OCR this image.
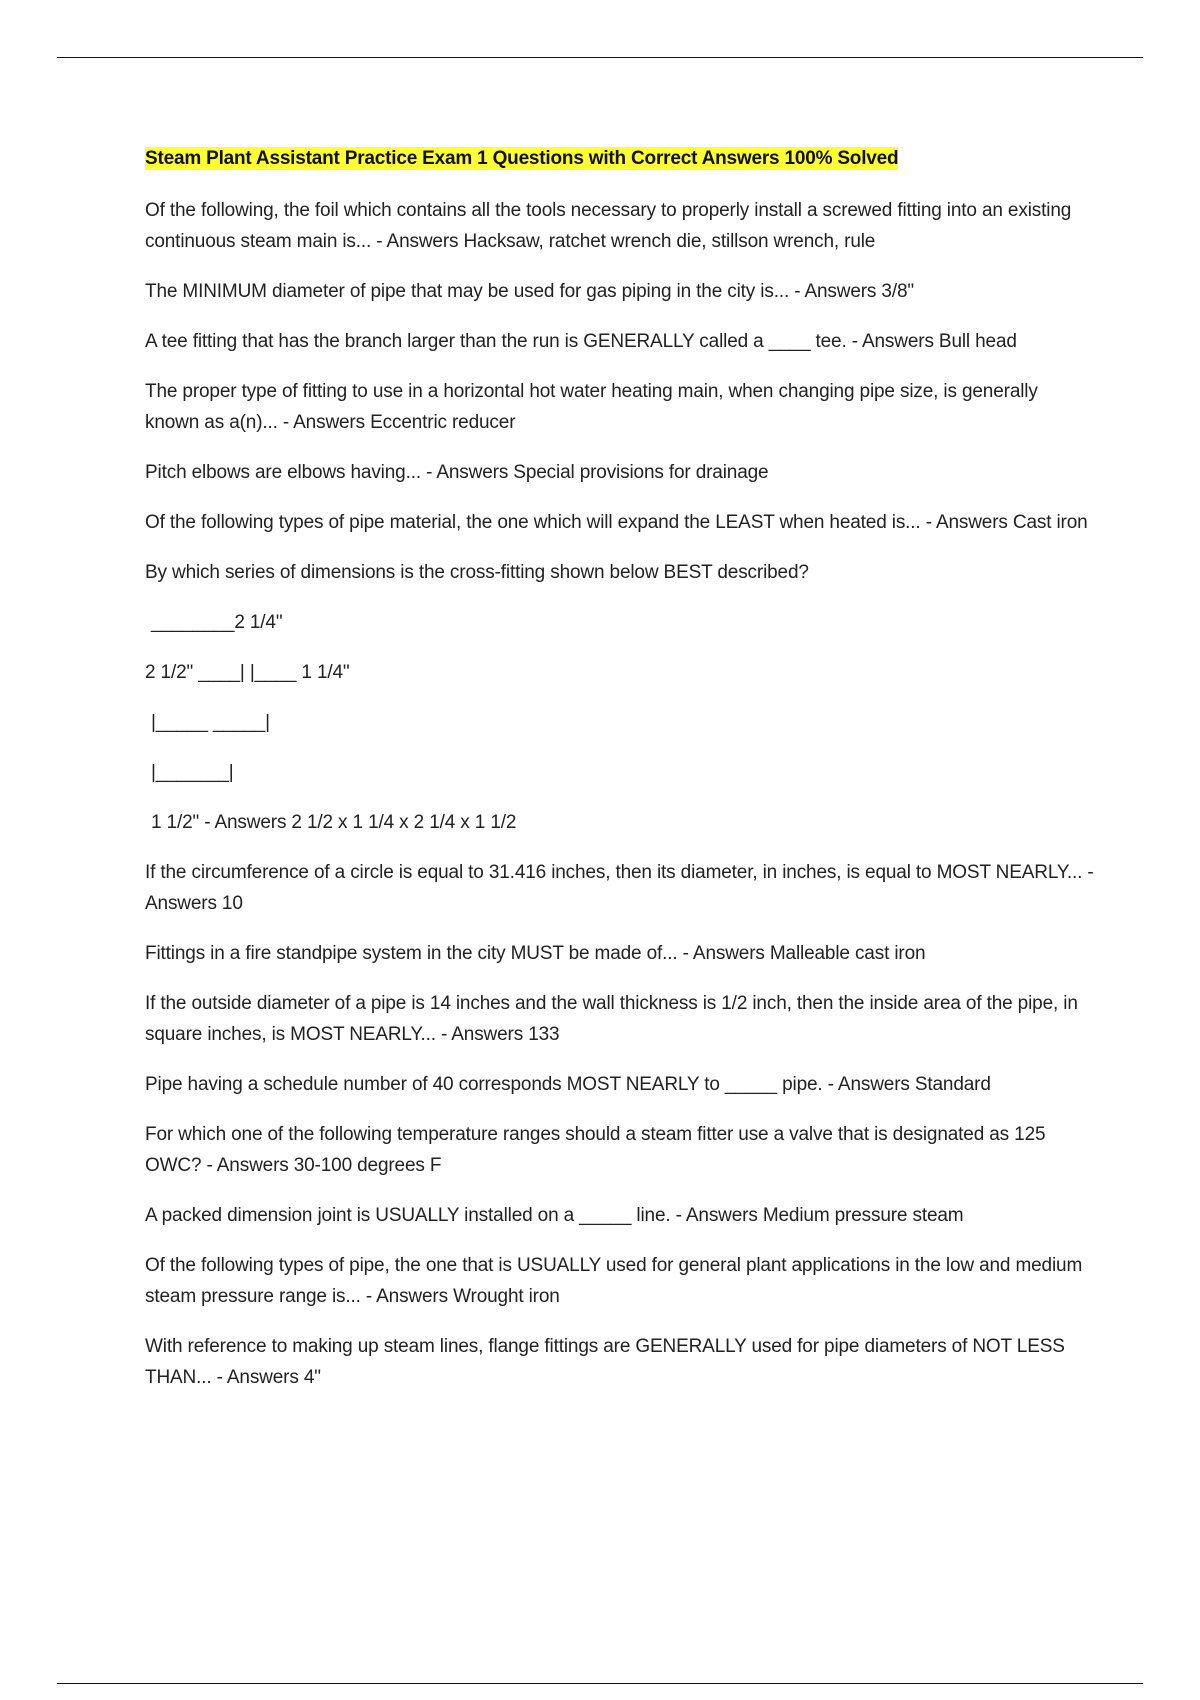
Steam Plant Assistant Practice Exam 1 Questions with Correct Answers 100% Solved

Of the following, the foil which contains all the tools necessary to properly install a screwed fitting into an existing continuous steam main is... - Answers Hacksaw, ratchet wrench die, stillson wrench, rule

The MINIMUM diameter of pipe that may be used for gas piping in the city is... - Answers 3/8"

A tee fitting that has the branch larger than the run is GENERALLY called a ____ tee. - Answers Bull head

The proper type of fitting to use in a horizontal hot water heating main, when changing pipe size, is generally known as a(n)... - Answers Eccentric reducer

Pitch elbows are elbows having... - Answers Special provisions for drainage

Of the following types of pipe material, the one which will expand the LEAST when heated is... - Answers Cast iron

By which series of dimensions is the cross-fitting shown below BEST described?

________2 1/4"

2 1/2" ____| |____ 1 1/4"

|_____ _____|

|_______|

1 1/2" - Answers 2 1/2 x 1 1/4 x 2 1/4 x 1 1/2

If the circumference of a circle is equal to 31.416 inches, then its diameter, in inches, is equal to MOST NEARLY... - Answers 10

Fittings in a fire standpipe system in the city MUST be made of... - Answers Malleable cast iron

If the outside diameter of a pipe is 14 inches and the wall thickness is 1/2 inch, then the inside area of the pipe, in square inches, is MOST NEARLY... - Answers 133

Pipe having a schedule number of 40 corresponds MOST NEARLY to _____ pipe. - Answers Standard

For which one of the following temperature ranges should a steam fitter use a valve that is designated as 125 OWC? - Answers 30-100 degrees F

A packed dimension joint is USUALLY installed on a _____ line. - Answers Medium pressure steam

Of the following types of pipe, the one that is USUALLY used for general plant applications in the low and medium steam pressure range is... - Answers Wrought iron

With reference to making up steam lines, flange fittings are GENERALLY used for pipe diameters of NOT LESS THAN... - Answers 4"
